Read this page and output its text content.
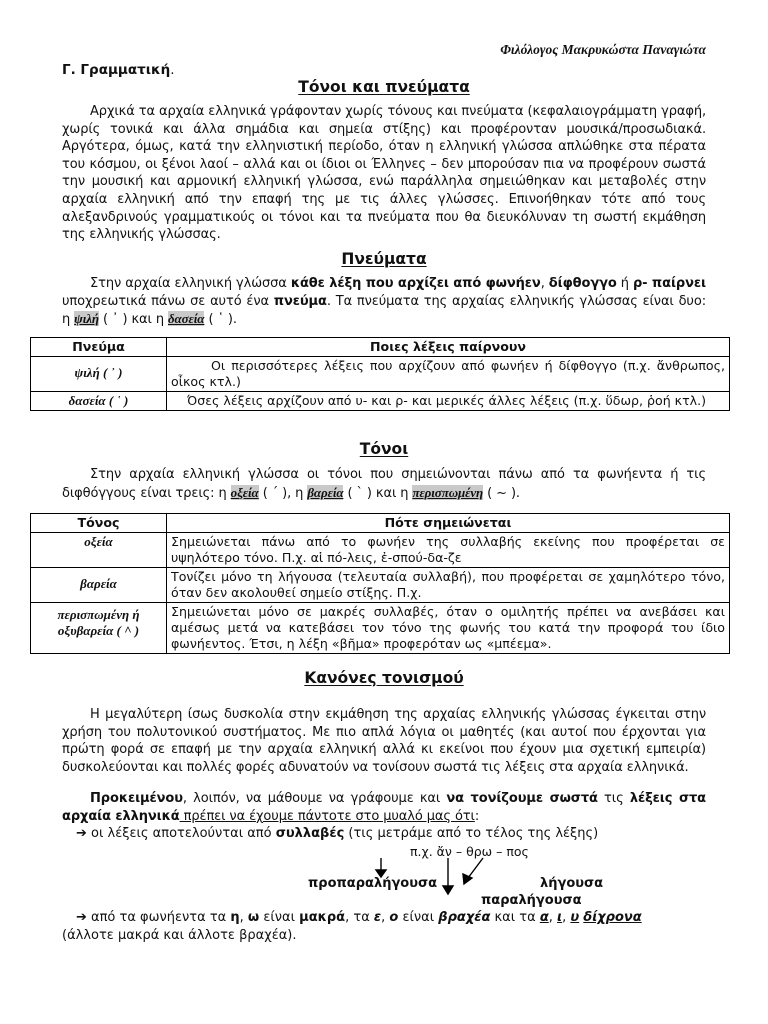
Φιλόλογος Μακρυκώστα Παναγιώτα
Γ. Γραμματική.
Τόνοι και πνεύματα
Αρχικά τα αρχαία ελληνικά γράφονταν χωρίς τόνους και πνεύματα (κεφαλαιογράμματη γραφή, χωρίς τονικά και άλλα σημάδια και σημεία στίξης) και προφέρονταν μουσικά/προσωδιακά. Αργότερα, όμως, κατά την ελληνιστική περίοδο, όταν η ελληνική γλώσσα απλώθηκε στα πέρατα του κόσμου, οι ξένοι λαοί – αλλά και οι ίδιοι οι Έλληνες – δεν μπορούσαν πια να προφέρουν σωστά την μουσική και αρμονική ελληνική γλώσσα, ενώ παράλληλα σημειώθηκαν και μεταβολές στην αρχαία ελληνική από την επαφή της με τις άλλες γλώσσες. Επινοήθηκαν τότε από τους αλεξανδρινούς γραμματικούς οι τόνοι και τα πνεύματα που θα διευκόλυναν τη σωστή εκμάθηση της ελληνικής γλώσσας.
Πνεύματα
Στην αρχαία ελληνική γλώσσα κάθε λέξη που αρχίζει από φωνήεν, δίφθογγο ή ρ- παίρνει υποχρεωτικά πάνω σε αυτό ένα πνεύμα. Τα πνεύματα της αρχαίας ελληνικής γλώσσας είναι δυο: η ψιλή ( ᾿ ) και η δασεία ( ῾ ).
Πνεύμα	Ποιες λέξεις παίρνουν
ψιλή ( ᾿ )	Οι περισσότερες λέξεις που αρχίζουν από φωνήεν ή δίφθογγο (π.χ. ἄνθρωπος, οἶκος κτλ.)
δασεία ( ῾ )	Όσες λέξεις αρχίζουν από υ- και ρ- και μερικές άλλες λέξεις (π.χ. ὕδωρ, ῥοή κτλ.)
Τόνοι
Στην αρχαία ελληνική γλώσσα οι τόνοι που σημειώνονται πάνω από τα φωνήεντα ή τις διφθόγγους είναι τρεις: η οξεία ( ´ ), η βαρεία ( ` ) και η περισπωμένη ( ~ ).
Τόνος	Πότε σημειώνεται
οξεία	Σημειώνεται πάνω από το φωνήεν της συλλαβής εκείνης που προφέρεται σε υψηλότερο τόνο. Π.χ. αἱ πό-λεις, ἐ-σπού-δα-ζε
βαρεία	Τονίζει μόνο τη λήγουσα (τελευταία συλλαβή), που προφέρεται σε χαμηλότερο τόνο, όταν δεν ακολουθεί σημείο στίξης. Π.χ.
περισπωμένη ή οξυβαρεία ( ^ )	Σημειώνεται μόνο σε μακρές συλλαβές, όταν ο ομιλητής πρέπει να ανεβάσει και αμέσως μετά να κατεβάσει τον τόνο της φωνής του κατά την προφορά του ίδιο φωνήεντος. Έτσι, η λέξη «βῆμα» προφερόταν ως «μπέεμα».
Κανόνες τονισμού
Η μεγαλύτερη ίσως δυσκολία στην εκμάθηση της αρχαίας ελληνικής γλώσσας έγκειται στην χρήση του πολυτονικού συστήματος. Με πιο απλά λόγια οι μαθητές (και αυτοί που έρχονται για πρώτη φορά σε επαφή με την αρχαία ελληνική αλλά κι εκείνοι που έχουν μια σχετική εμπειρία) δυσκολεύονται και πολλές φορές αδυνατούν να τονίσουν σωστά τις λέξεις στα αρχαία ελληνικά.
Προκειμένου, λοιπόν, να μάθουμε να γράφουμε και να τονίζουμε σωστά τις λέξεις στα αρχαία ελληνικά πρέπει να έχουμε πάντοτε στο μυαλό μας ότι:
➔ οι λέξεις αποτελούνται από συλλαβές (τις μετράμε από το τέλος της λέξης)
π.χ. ἄν – θρω – πος
προπαραλήγουσα	λήγουσα
παραλήγουσα
➔ από τα φωνήεντα τα η, ω είναι μακρά, τα ε, ο είναι βραχέα και τα α, ι, υ δίχρονα
(άλλοτε μακρά και άλλοτε βραχέα).
